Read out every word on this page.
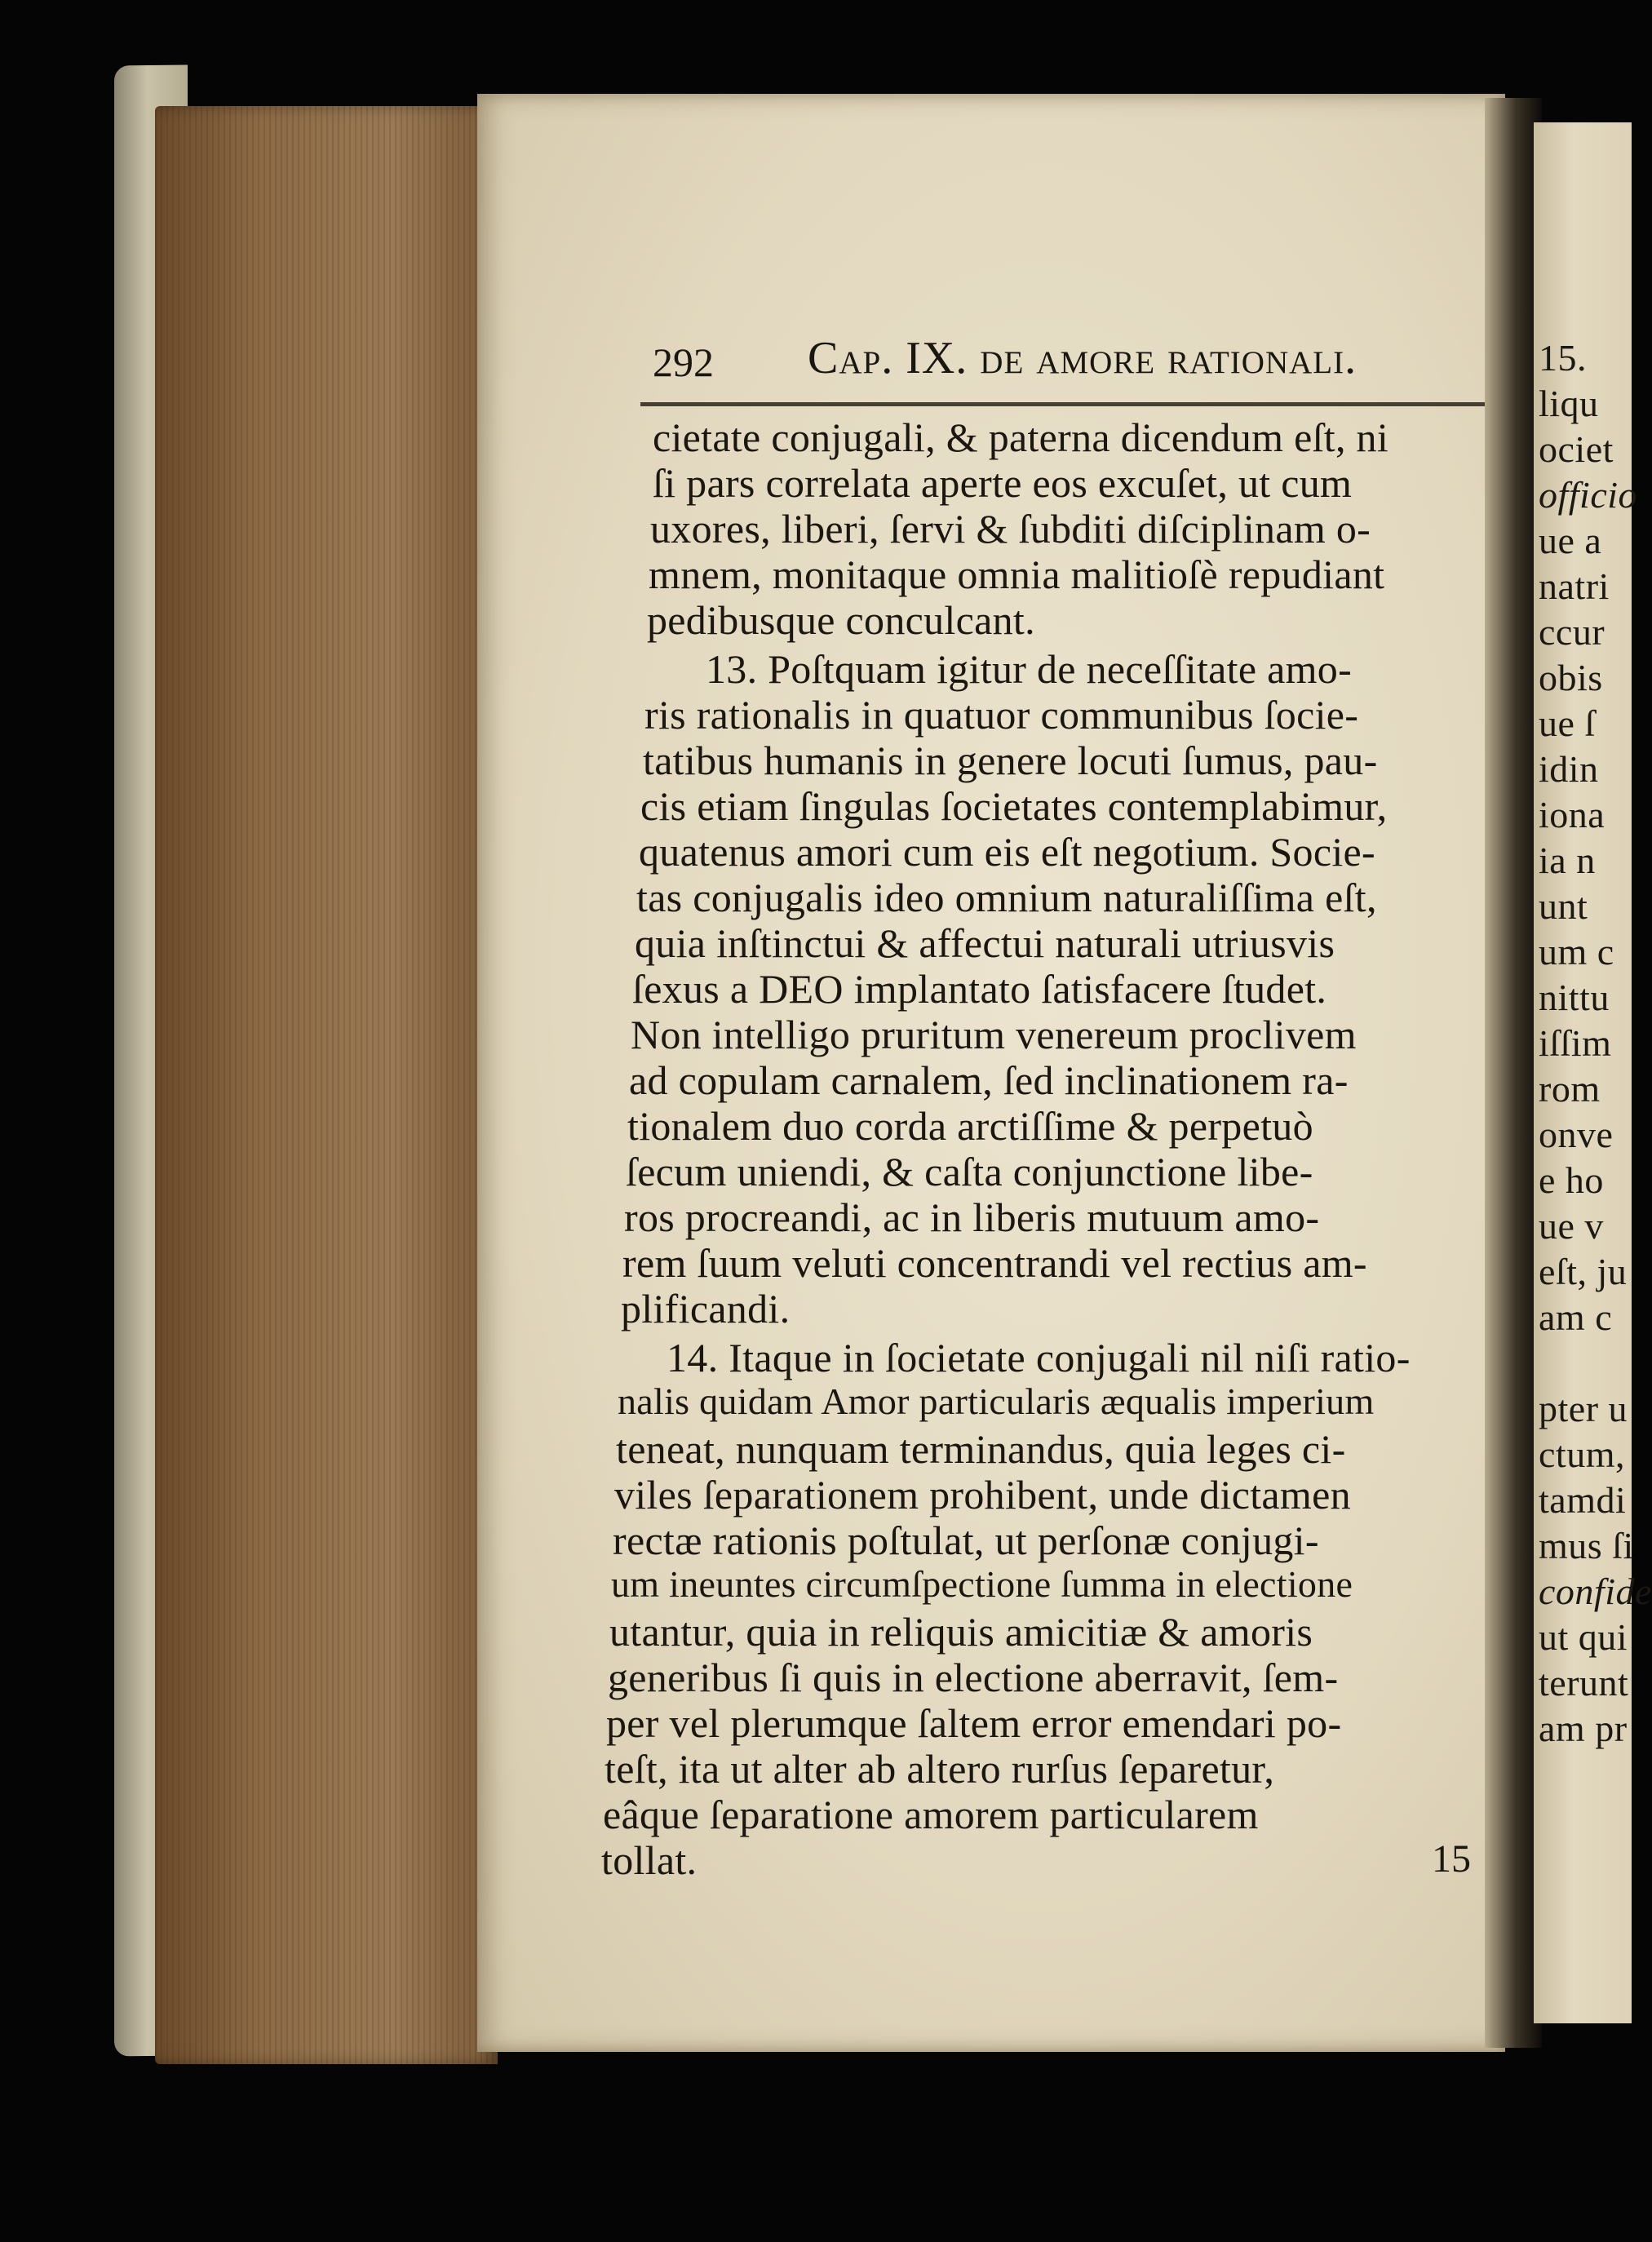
292 Cap. IX. de amore rationali.
cietate conjugali, & paterna dicendum eſt, ni
ſi pars correlata aperte eos excuſet, ut cum
uxores, liberi, ſervi & ſubditi diſciplinam o-
mnem, monitaque omnia malitioſè repudiant
pedibusque conculcant.
13. Poſtquam igitur de neceſſitate amo-
ris rationalis in quatuor communibus ſocie-
tatibus humanis in genere locuti ſumus, pau-
cis etiam ſingulas ſocietates contemplabimur,
quatenus amori cum eis eſt negotium. Socie-
tas conjugalis ideo omnium naturaliſſima eſt,
quia inſtinctui & affectui naturali utriusvis
ſexus a DEO implantato ſatisfacere ſtudet.
Non intelligo pruritum venereum proclivem
ad copulam carnalem, ſed inclinationem ra-
tionalem duo corda arctiſſime & perpetuò
ſecum uniendi, & caſta conjunctione libe-
ros procreandi, ac in liberis mutuum amo-
rem ſuum veluti concentrandi vel rectius am-
plificandi.
14. Itaque in ſocietate conjugali nil niſi ratio-
nalis quidam Amor particularis æqualis imperium
teneat, nunquam terminandus, quia leges ci-
viles ſeparationem prohibent, unde dictamen
rectæ rationis poſtulat, ut perſonæ conjugi-
um ineuntes circumſpectione ſumma in electione
utantur, quia in reliquis amicitiæ & amoris
generibus ſi quis in electione aberravit, ſem-
per vel plerumque ſaltem error emendari po-
teſt, ita ut alter ab altero rurſus ſeparetur,
eâque ſeparatione amorem particularem
tollat.	15
15.
liqu
ociet
officio
ue a
natri
ccur
obis
ue ſ
idin
iona
ia n
unt
um c
nittu
iſſim
rom
onve
e ho
ue v
eſt, ju
am c
pter u
ctum,
tamdi
mus ſi
confide
ut qui
terunt
am pr
